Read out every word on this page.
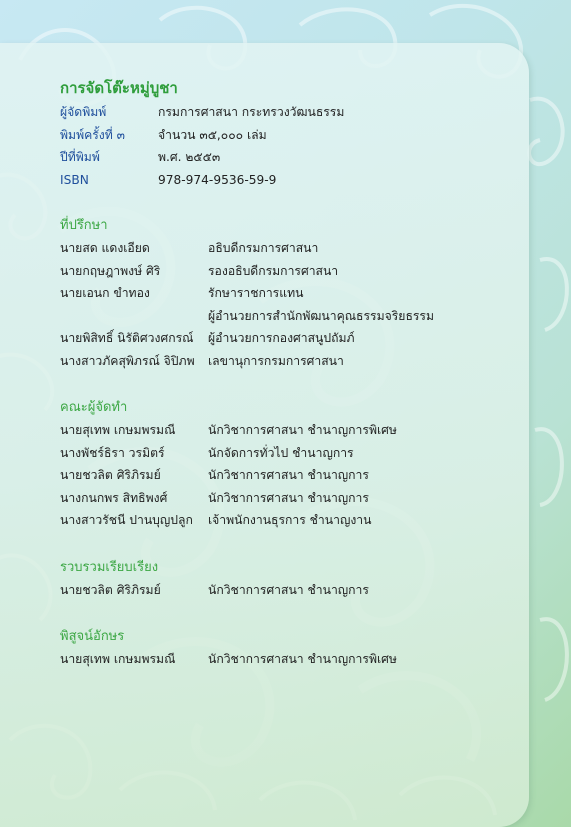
การจัดโต๊ะหมู่บูชา
ผู้จัดพิมพ์	กรมการศาสนา กระทรวงวัฒนธรรม
พิมพ์ครั้งที่ ๓	จำนวน ๓๕,๐๐๐ เล่ม
ปีที่พิมพ์	พ.ศ. ๒๕๕๓
ISBN	978-974-9536-59-9
ที่ปรึกษา
นายสด แดงเอียด	อธิบดีกรมการศาสนา
นายกฤษฎาพงษ์ ศิริ	รองอธิบดีกรมการศาสนา
นายเอนก ขำทอง	รักษาราชการแทน
ผู้อำนวยการสำนักพัฒนาคุณธรรมจริยธรรม
นายพิสิทธิ์ นิรัติศวงศกรณ์	ผู้อำนวยการกองศาสนูปถัมภ์
นางสาวภัคสุพิภรณ์ จิปิภพ	เลขานุการกรมการศาสนา
คณะผู้จัดทำ
นายสุเทพ เกษมพรมณี	นักวิชาการศาสนา ชำนาญการพิเศษ
นางพัชร์ธิรา วรมิตร์	นักจัดการทั่วไป ชำนาญการ
นายชวลิต ศิริภิรมย์	นักวิชาการศาสนา ชำนาญการ
นางกนกพร สิทธิพงศ์	นักวิชาการศาสนา ชำนาญการ
นางสาวรัชนี ปานบุญปลูก	เจ้าพนักงานธุรการ ชำนาญงาน
รวบรวมเรียบเรียง
นายชวลิต ศิริภิรมย์	นักวิชาการศาสนา ชำนาญการ
พิสูจน์อักษร
นายสุเทพ เกษมพรมณี	นักวิชาการศาสนา ชำนาญการพิเศษ
